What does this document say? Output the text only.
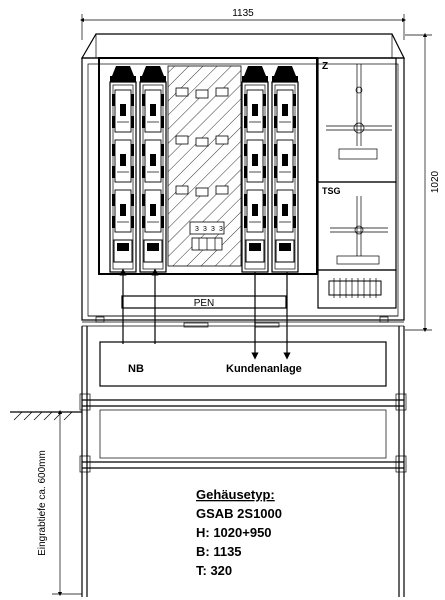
1135
1020
3 3 3 3
Z
TSG
PEN
NB	Kundenanlage
Eingrabtiefe ca. 600mm	Gehäusetyp:
GSAB 2S1000
H: 1020+950
B: 1135
T: 320
